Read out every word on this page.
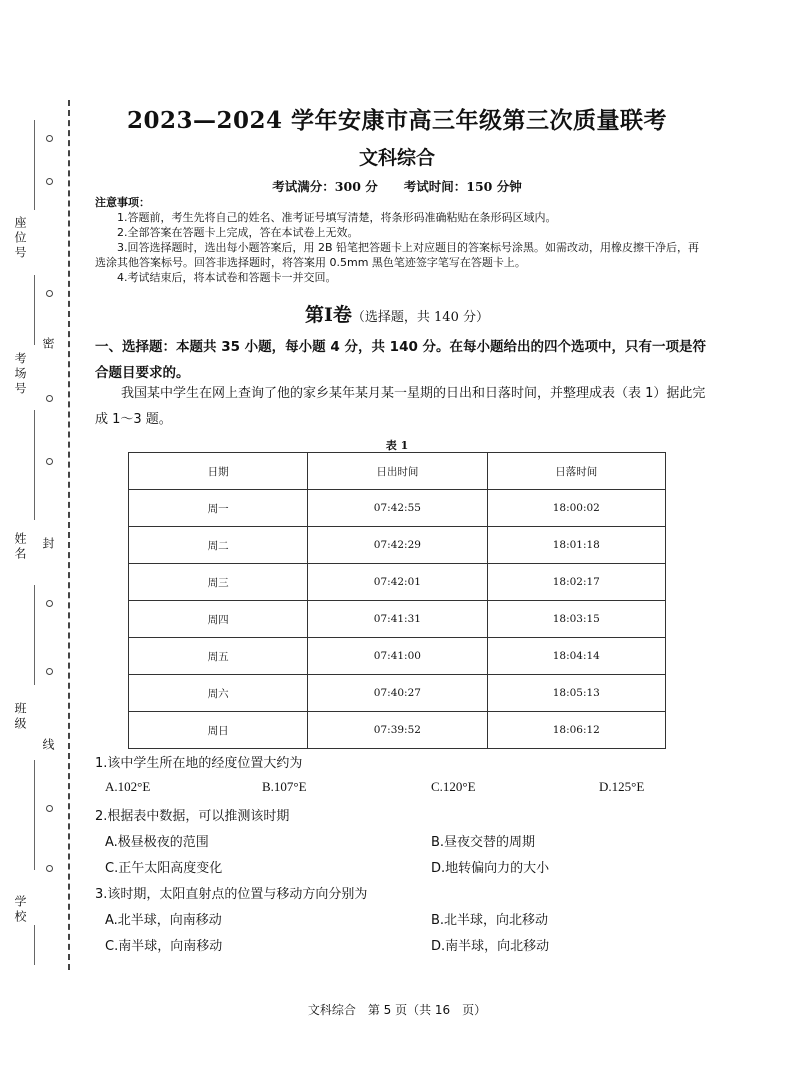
座位号
考场号
姓名
班级
学校
密
封
线
2023—2024 学年安康市高三年级第三次质量联考
文科综合
考试满分：300 分 考试时间：150 分钟
注意事项：
1.答题前，考生先将自己的姓名、准考证号填写清楚，将条形码准确粘贴在条形码区域内。
2.全部答案在答题卡上完成，答在本试卷上无效。
3.回答选择题时，选出每小题答案后，用 2B 铅笔把答题卡上对应题目的答案标号涂黑。如需改动，用橡皮擦干净后，再选涂其他答案标号。回答非选择题时，将答案用 0.5mm 黑色笔迹签字笔写在答题卡上。
4.考试结束后，将本试卷和答题卡一并交回。
第Ⅰ卷（选择题，共 140 分）
一、选择题：本题共 35 小题，每小题 4 分，共 140 分。在每小题给出的四个选项中，只有一项是符合题目要求的。
我国某中学生在网上查询了他的家乡某年某月某一星期的日出和日落时间，并整理成表（表 1）据此完成 1～3 题。
表 1
日期	日出时间	日落时间
周一	07:42:55	18:00:02
周二	07:42:29	18:01:18
周三	07:42:01	18:02:17
周四	07:41:31	18:03:15
周五	07:41:00	18:04:14
周六	07:40:27	18:05:13
周日	07:39:52	18:06:12
1.该中学生所在地的经度位置大约为
A.102°E	B.107°E	C.120°E	D.125°E
2.根据表中数据，可以推测该时期
A.极昼极夜的范围	B.昼夜交替的周期
C.正午太阳高度变化	D.地转偏向力的大小
3.该时期，太阳直射点的位置与移动方向分别为
A.北半球，向南移动	B.北半球，向北移动
C.南半球，向南移动	D.南半球，向北移动
文科综合　第 5 页（共 16　页）
